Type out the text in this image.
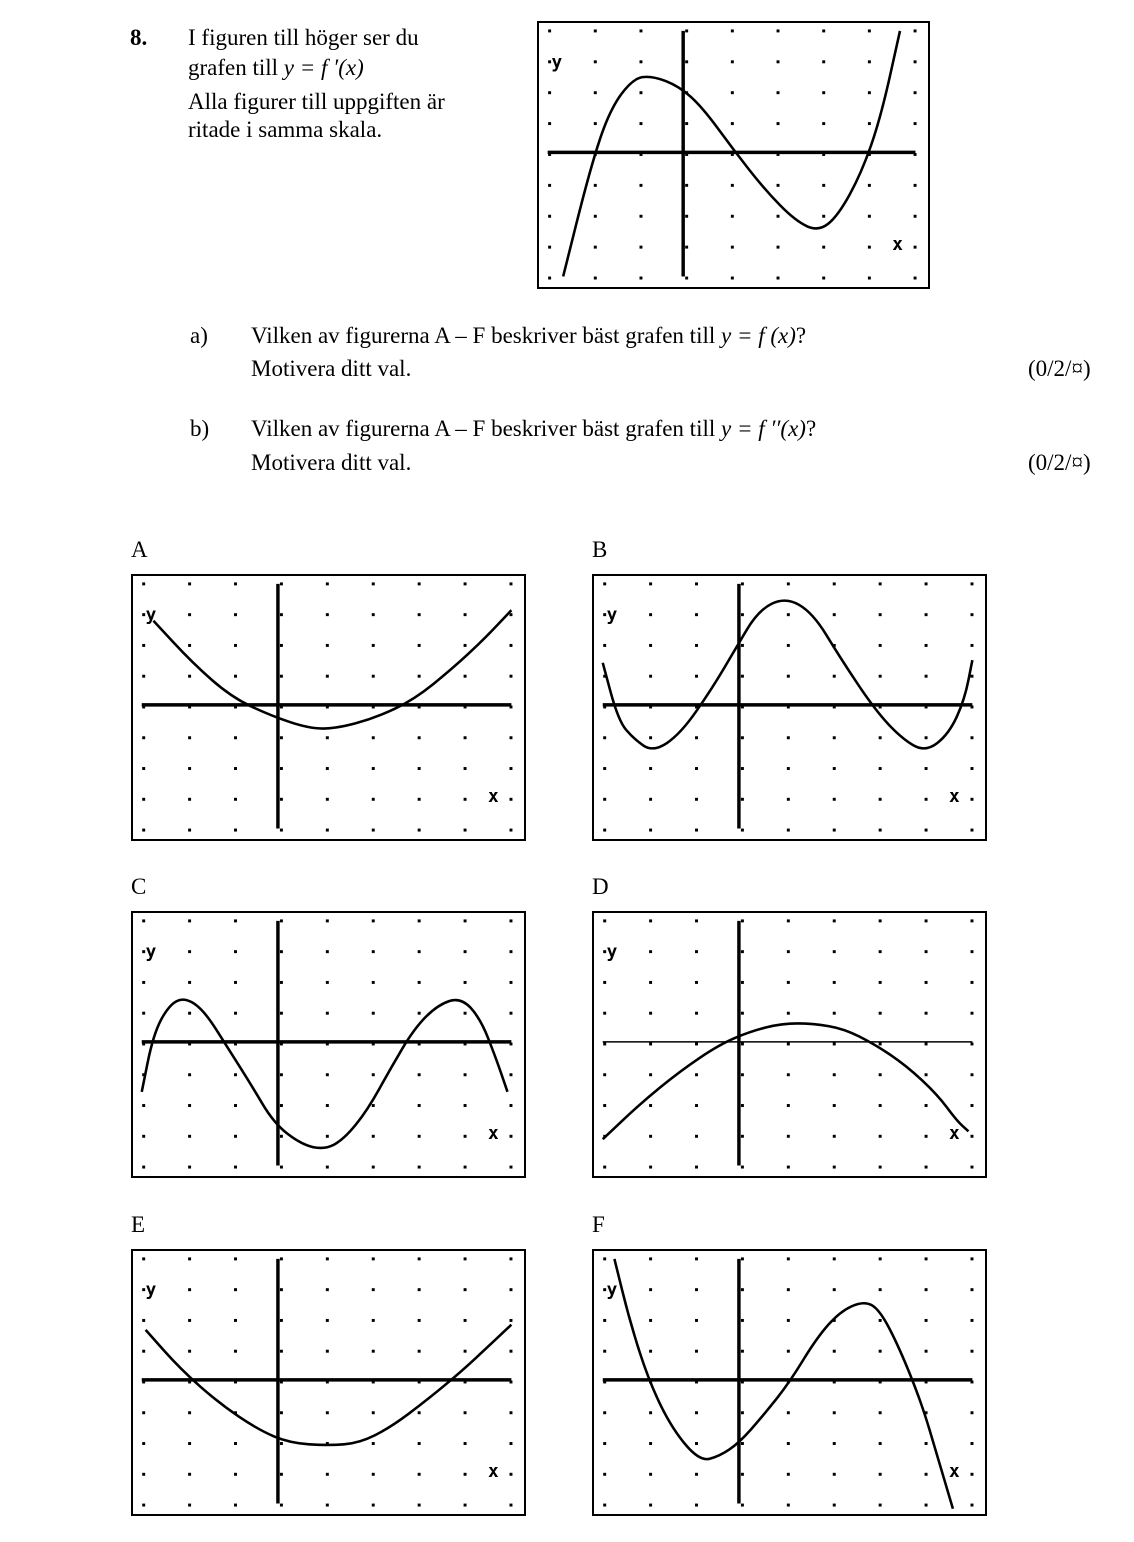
8. I figuren till höger ser du
grafen till y = f ′(x)
Alla figurer till uppgiften är
ritade i samma skala.
y
x
a) Vilken av figurerna A – F beskriver bäst grafen till y = f (x)?
Motivera ditt val.	(0/2/¤)
b) Vilken av figurerna A – F beskriver bäst grafen till y = f ′′(x)?
Motivera ditt val.	(0/2/¤)
A	B
C	D
E	F
y
x
y
x
y
x
y
x
y
x
y
x
